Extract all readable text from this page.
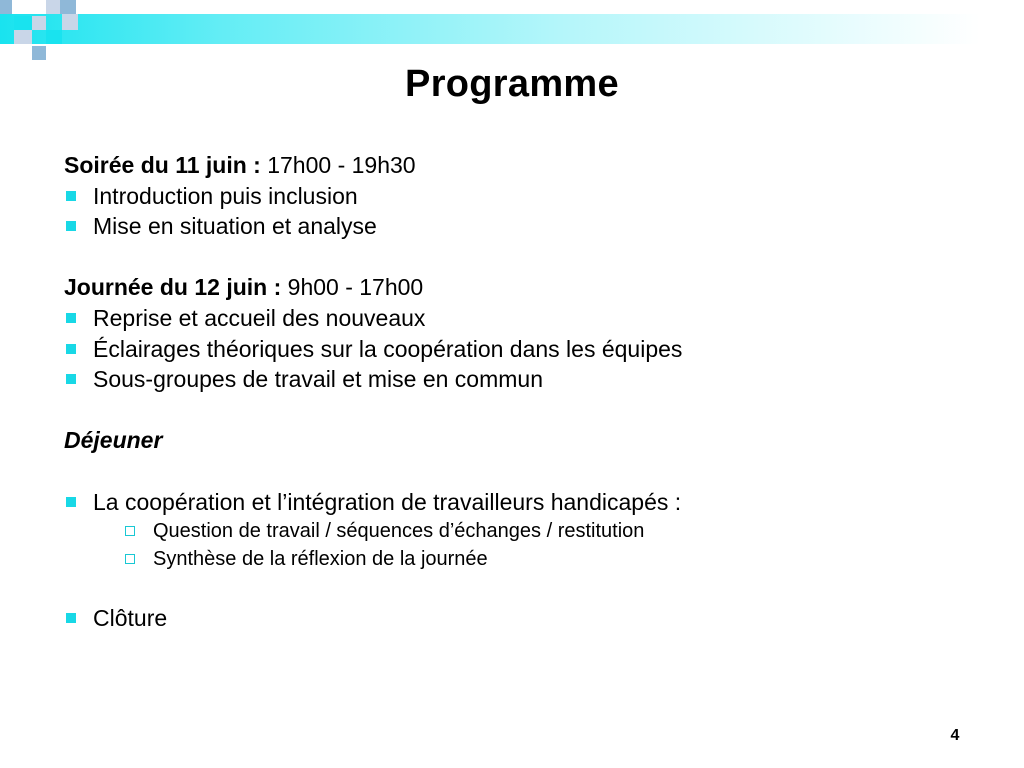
Programme
Soirée du 11 juin : 17h00 - 19h30
Introduction puis inclusion
Mise en situation et analyse
Journée du 12 juin : 9h00 - 17h00
Reprise et accueil des nouveaux
Éclairages théoriques sur la coopération dans les équipes
Sous-groupes de travail et mise en commun
Déjeuner
La coopération et l’intégration de travailleurs handicapés :
Question de travail / séquences d’échanges / restitution
Synthèse de la réflexion de la journée
Clôture
4
